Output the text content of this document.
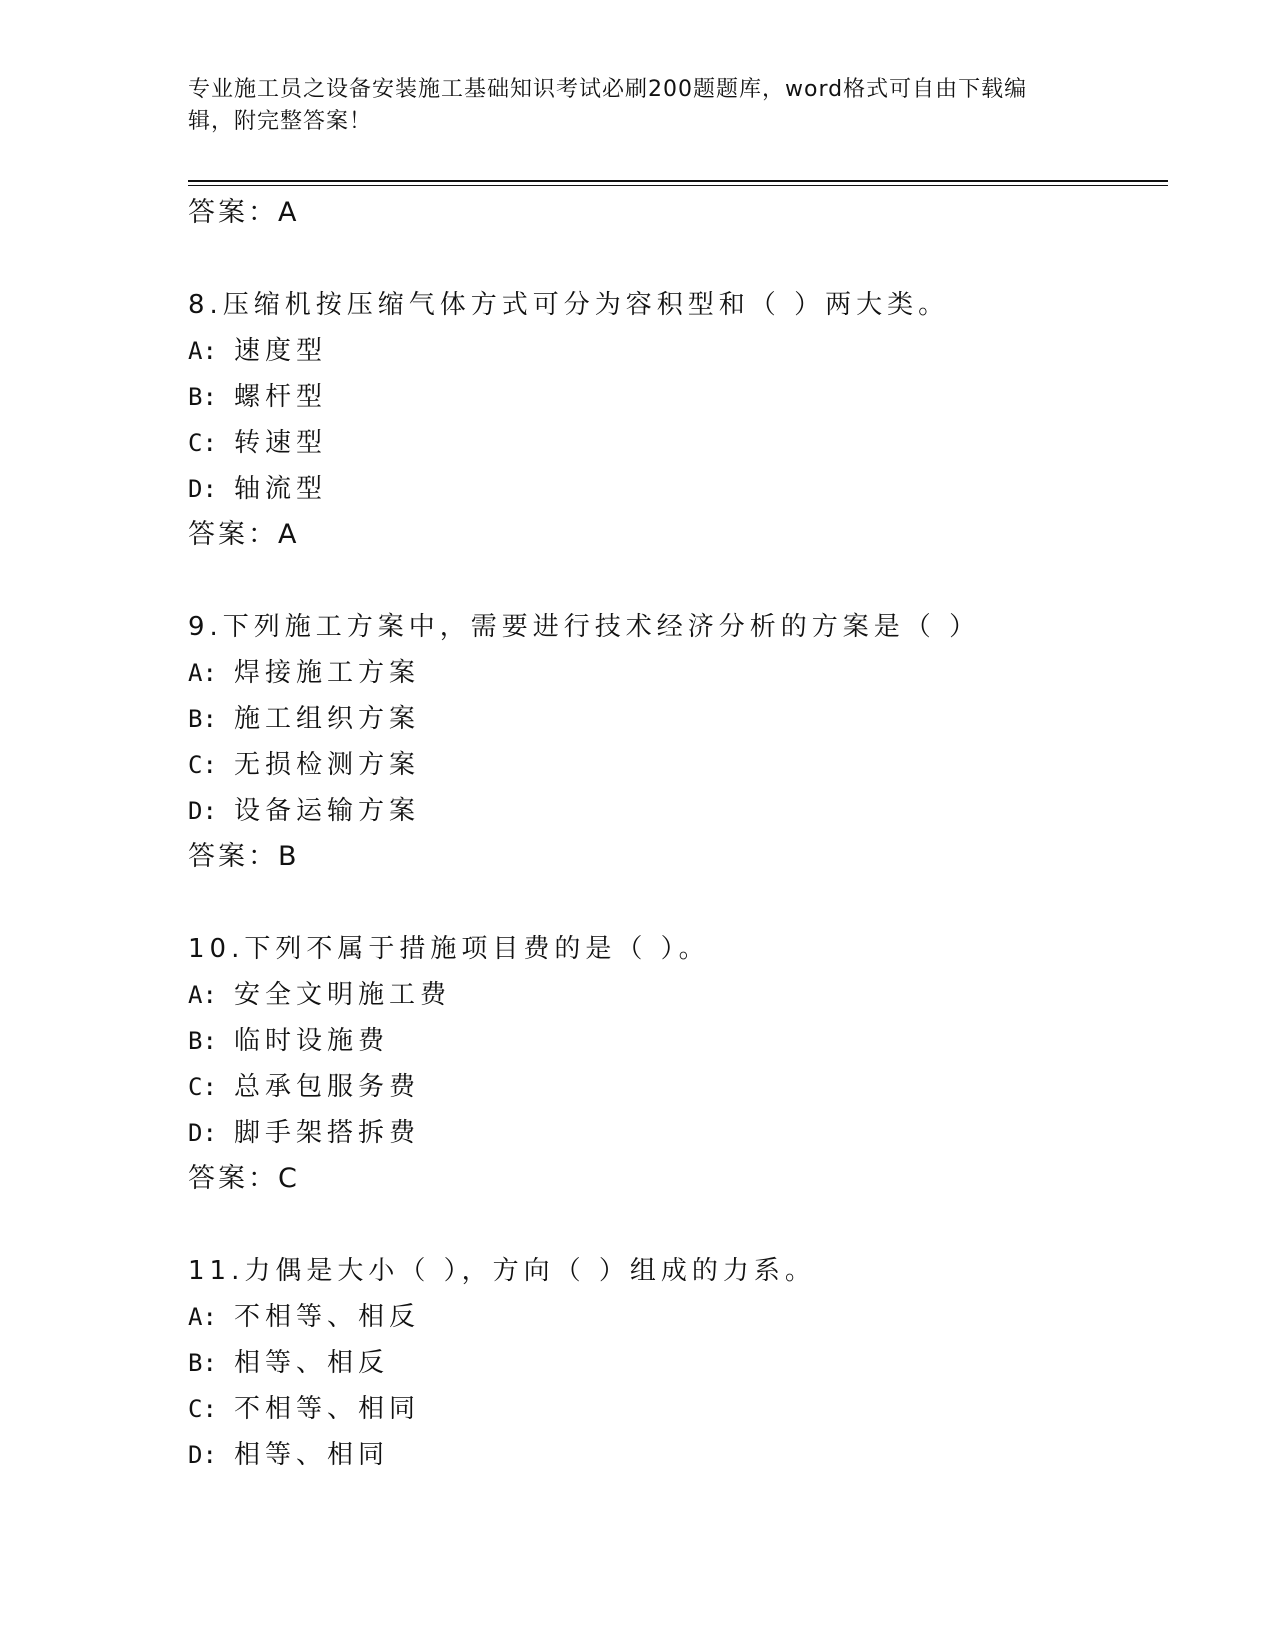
专业施工员之设备安装施工基础知识考试必刷200题题库，word格式可自由下载编辑，附完整答案！
答案：A
8.压缩机按压缩气体方式可分为容积型和（ ）两大类。
A: 速度型
B: 螺杆型
C: 转速型
D: 轴流型
答案：A
9.下列施工方案中，需要进行技术经济分析的方案是（ ）
A: 焊接施工方案
B: 施工组织方案
C: 无损检测方案
D: 设备运输方案
答案：B
10.下列不属于措施项目费的是（ ）。
A: 安全文明施工费
B: 临时设施费
C: 总承包服务费
D: 脚手架搭拆费
答案：C
11.力偶是大小（ ），方向（ ）组成的力系。
A: 不相等、相反
B: 相等、相反
C: 不相等、相同
D: 相等、相同
